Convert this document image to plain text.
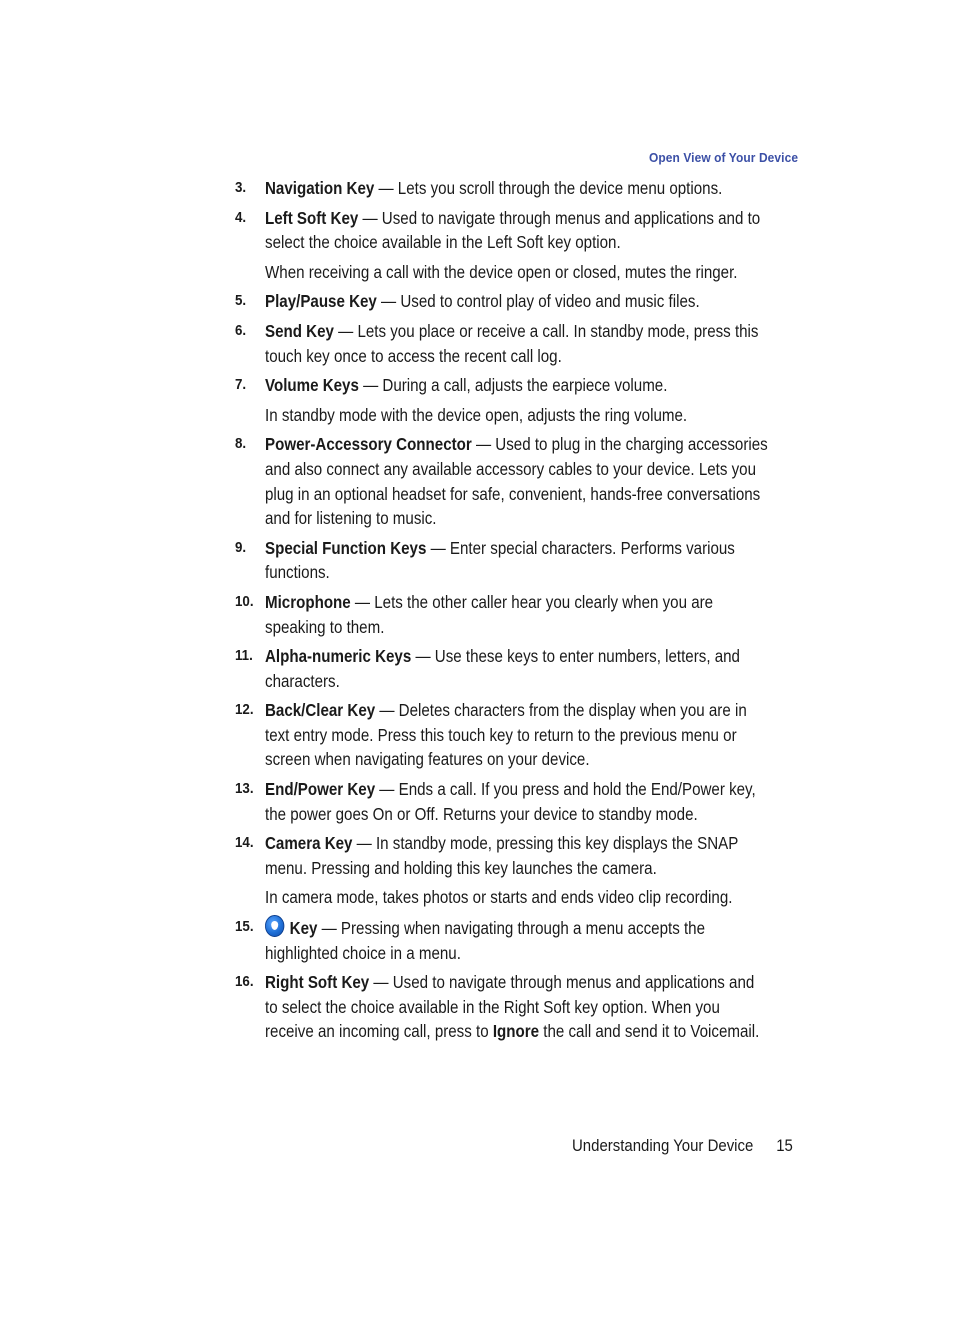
Open View of Your Device
3. Navigation Key — Lets you scroll through the device menu options.
4. Left Soft Key — Used to navigate through menus and applications and to
select the choice available in the Left Soft key option.
When receiving a call with the device open or closed, mutes the ringer.
5. Play/Pause Key — Used to control play of video and music files.
6. Send Key — Lets you place or receive a call. In standby mode, press this
touch key once to access the recent call log.
7. Volume Keys — During a call, adjusts the earpiece volume.
In standby mode with the device open, adjusts the ring volume.
8. Power-Accessory Connector — Used to plug in the charging accessories
and also connect any available accessory cables to your device. Lets you
plug in an optional headset for safe, convenient, hands-free conversations
and for listening to music.
9. Special Function Keys — Enter special characters. Performs various
functions.
10. Microphone — Lets the other caller hear you clearly when you are
speaking to them.
11. Alpha-numeric Keys — Use these keys to enter numbers, letters, and
characters.
12. Back/Clear Key — Deletes characters from the display when you are in
text entry mode. Press this touch key to return to the previous menu or
screen when navigating features on your device.
13. End/Power Key — Ends a call. If you press and hold the End/Power key,
the power goes On or Off. Returns your device to standby mode.
14. Camera Key — In standby mode, pressing this key displays the SNAP
menu. Pressing and holding this key launches the camera.
In camera mode, takes photos or starts and ends video clip recording.
15.	Key — Pressing when navigating through a menu accepts the
highlighted choice in a menu.
16. Right Soft Key — Used to navigate through menus and applications and
to select the choice available in the Right Soft key option. When you
receive an incoming call, press to Ignore the call and send it to Voicemail.
Understanding Your Device 15
